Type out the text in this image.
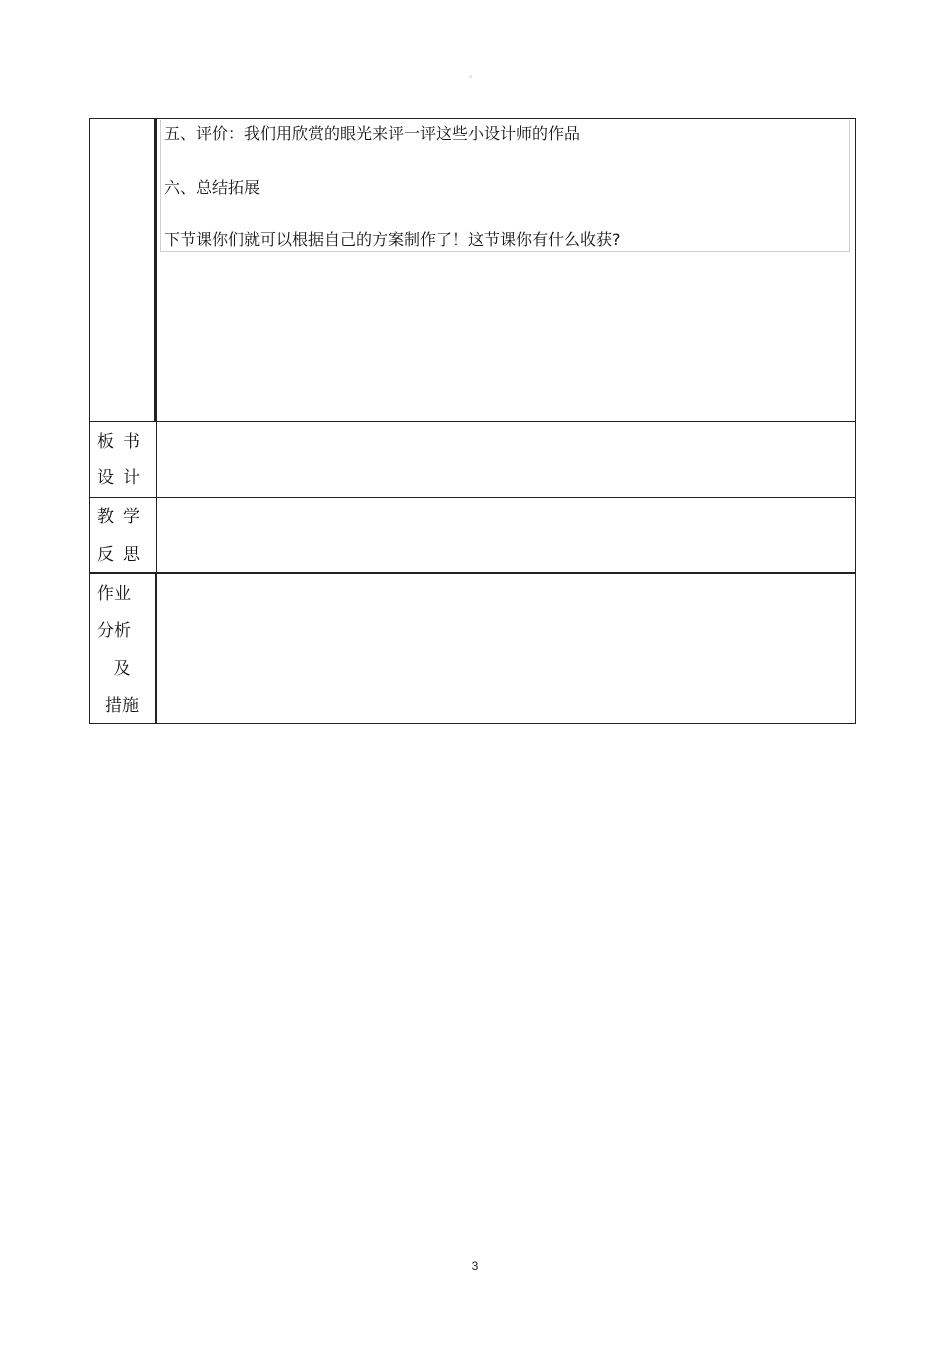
。
五、评价：我们用欣赏的眼光来评一评这些小设计师的作品
六、总结拓展
下节课你们就可以根据自己的方案制作了！这节课你有什么收获?
板 书
设 计
教 学
反 思
作业
分析
及
措施
3
